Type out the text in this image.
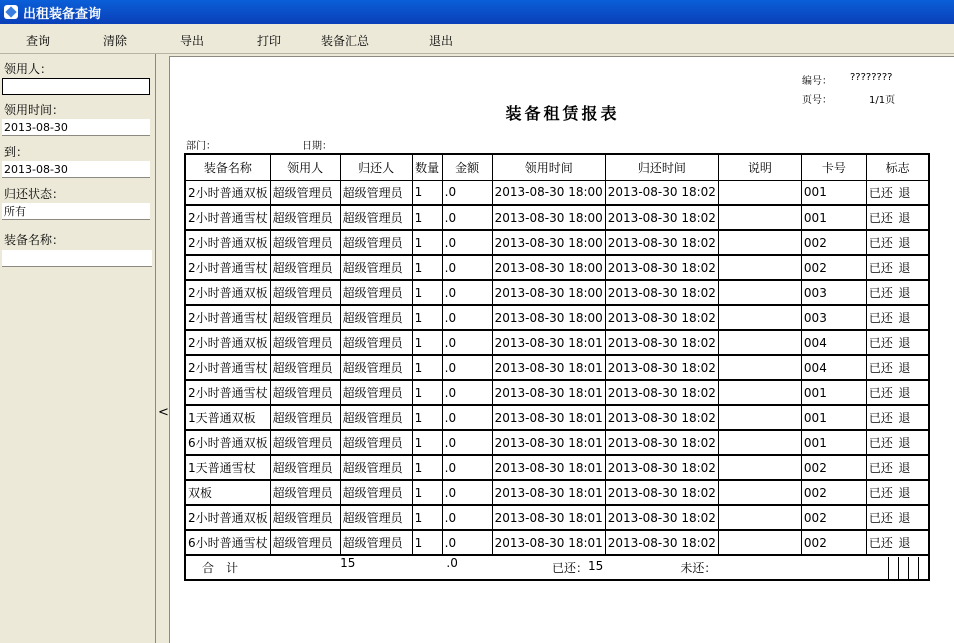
出租装备查询
查询	清除	导出	打印	装备汇总	退出
领用人：
领用时间：
2013-08-30
到：
2013-08-30
归还状态：
所有
装备名称：
<
编号： ????????
页号：	1/1页
装备租赁报表
部门：	日期：
装备名称	领用人	归还人	数量	金额	领用时间	归还时间	说明	卡号	标志
2小时普通双板	超级管理员	超级管理员	1	.0	2013-08-30 18:00	2013-08-30 18:02		001	已还 退

2小时普通雪杖	超级管理员	超级管理员	1	.0	2013-08-30 18:00	2013-08-30 18:02		001	已还 退

2小时普通双板	超级管理员	超级管理员	1	.0	2013-08-30 18:00	2013-08-30 18:02		002	已还 退

2小时普通雪杖	超级管理员	超级管理员	1	.0	2013-08-30 18:00	2013-08-30 18:02		002	已还 退

2小时普通双板	超级管理员	超级管理员	1	.0	2013-08-30 18:00	2013-08-30 18:02		003	已还 退

2小时普通雪杖	超级管理员	超级管理员	1	.0	2013-08-30 18:00	2013-08-30 18:02		003	已还 退

2小时普通双板	超级管理员	超级管理员	1	.0	2013-08-30 18:01	2013-08-30 18:02		004	已还 退

2小时普通雪杖	超级管理员	超级管理员	1	.0	2013-08-30 18:01	2013-08-30 18:02		004	已还 退

2小时普通雪杖	超级管理员	超级管理员	1	.0	2013-08-30 18:01	2013-08-30 18:02		001	已还 退

1天普通双板	超级管理员	超级管理员	1	.0	2013-08-30 18:01	2013-08-30 18:02		001	已还 退

6小时普通双板	超级管理员	超级管理员	1	.0	2013-08-30 18:01	2013-08-30 18:02		001	已还 退

1天普通雪杖	超级管理员	超级管理员	1	.0	2013-08-30 18:01	2013-08-30 18:02		002	已还 退

双板	超级管理员	超级管理员	1	.0	2013-08-30 18:01	2013-08-30 18:02		002	已还 退

2小时普通双板	超级管理员	超级管理员	1	.0	2013-08-30 18:01	2013-08-30 18:02		002	已还 退

6小时普通雪杖	超级管理员	超级管理员	1	.0	2013-08-30 18:01	2013-08-30 18:02		002	已还 退

合　计		15	.0		已还：15	未还：			
